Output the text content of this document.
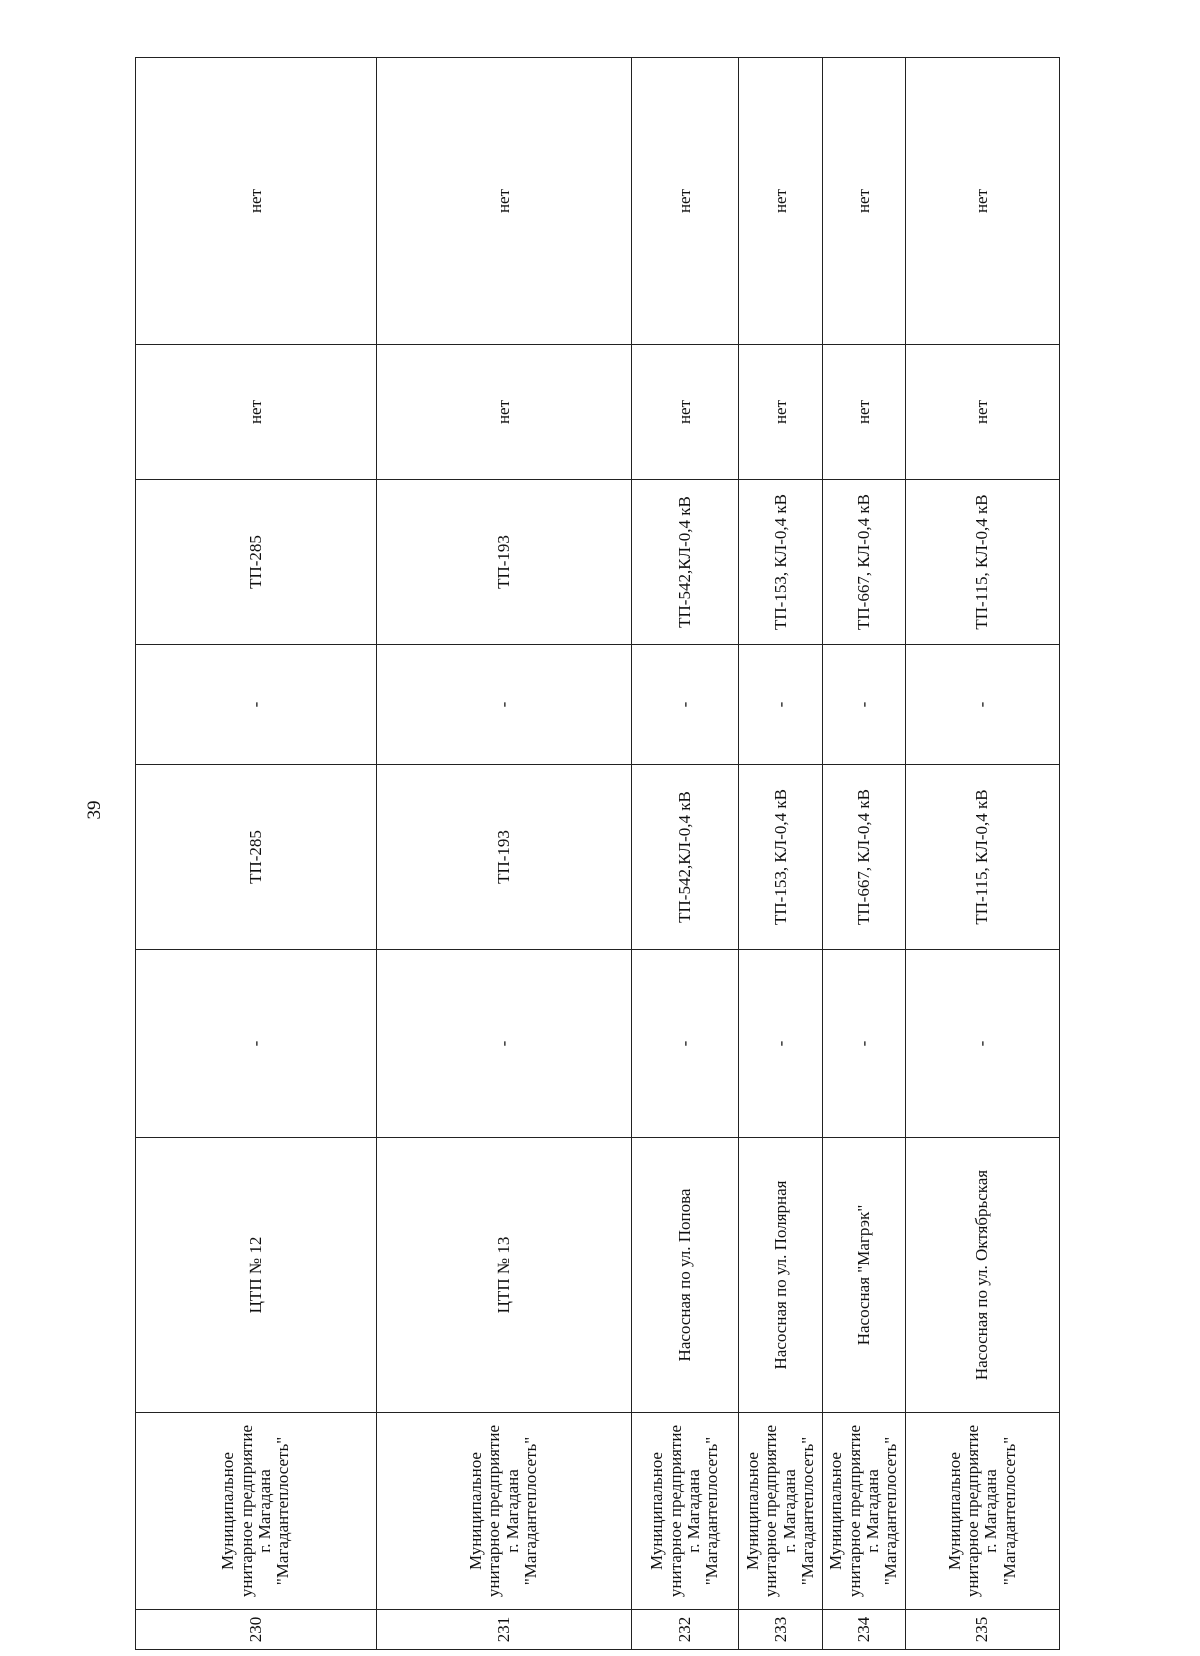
39
230	Муниципальное унитарное предприятие г. Магадана "Магадантеплосеть"	ЦТП № 12	-	ТП-285	-	ТП-285	нет	нет
231	Муниципальное унитарное предприятие г. Магадана "Магадантеплосеть"	ЦТП № 13	-	ТП-193	-	ТП-193	нет	нет
232	Муниципальное унитарное предприятие г. Магадана "Магадантеплосеть"	Насосная по ул. Попова	-	ТП-542,КЛ-0,4 кВ	-	ТП-542,КЛ-0,4 кВ	нет	нет
233	Муниципальное унитарное предприятие г. Магадана "Магадантеплосеть"	Насосная по ул. Полярная	-	ТП-153, КЛ-0,4 кВ	-	ТП-153, КЛ-0,4 кВ	нет	нет
234	Муниципальное унитарное предприятие г. Магадана "Магадантеплосеть"	Насосная "Магрэк"	-	ТП-667, КЛ-0,4 кВ	-	ТП-667, КЛ-0,4 кВ	нет	нет
235	Муниципальное унитарное предприятие г. Магадана "Магадантеплосеть"	Насосная по ул. Октябрьская	-	ТП-115, КЛ-0,4 кВ	-	ТП-115, КЛ-0,4 кВ	нет	нет
